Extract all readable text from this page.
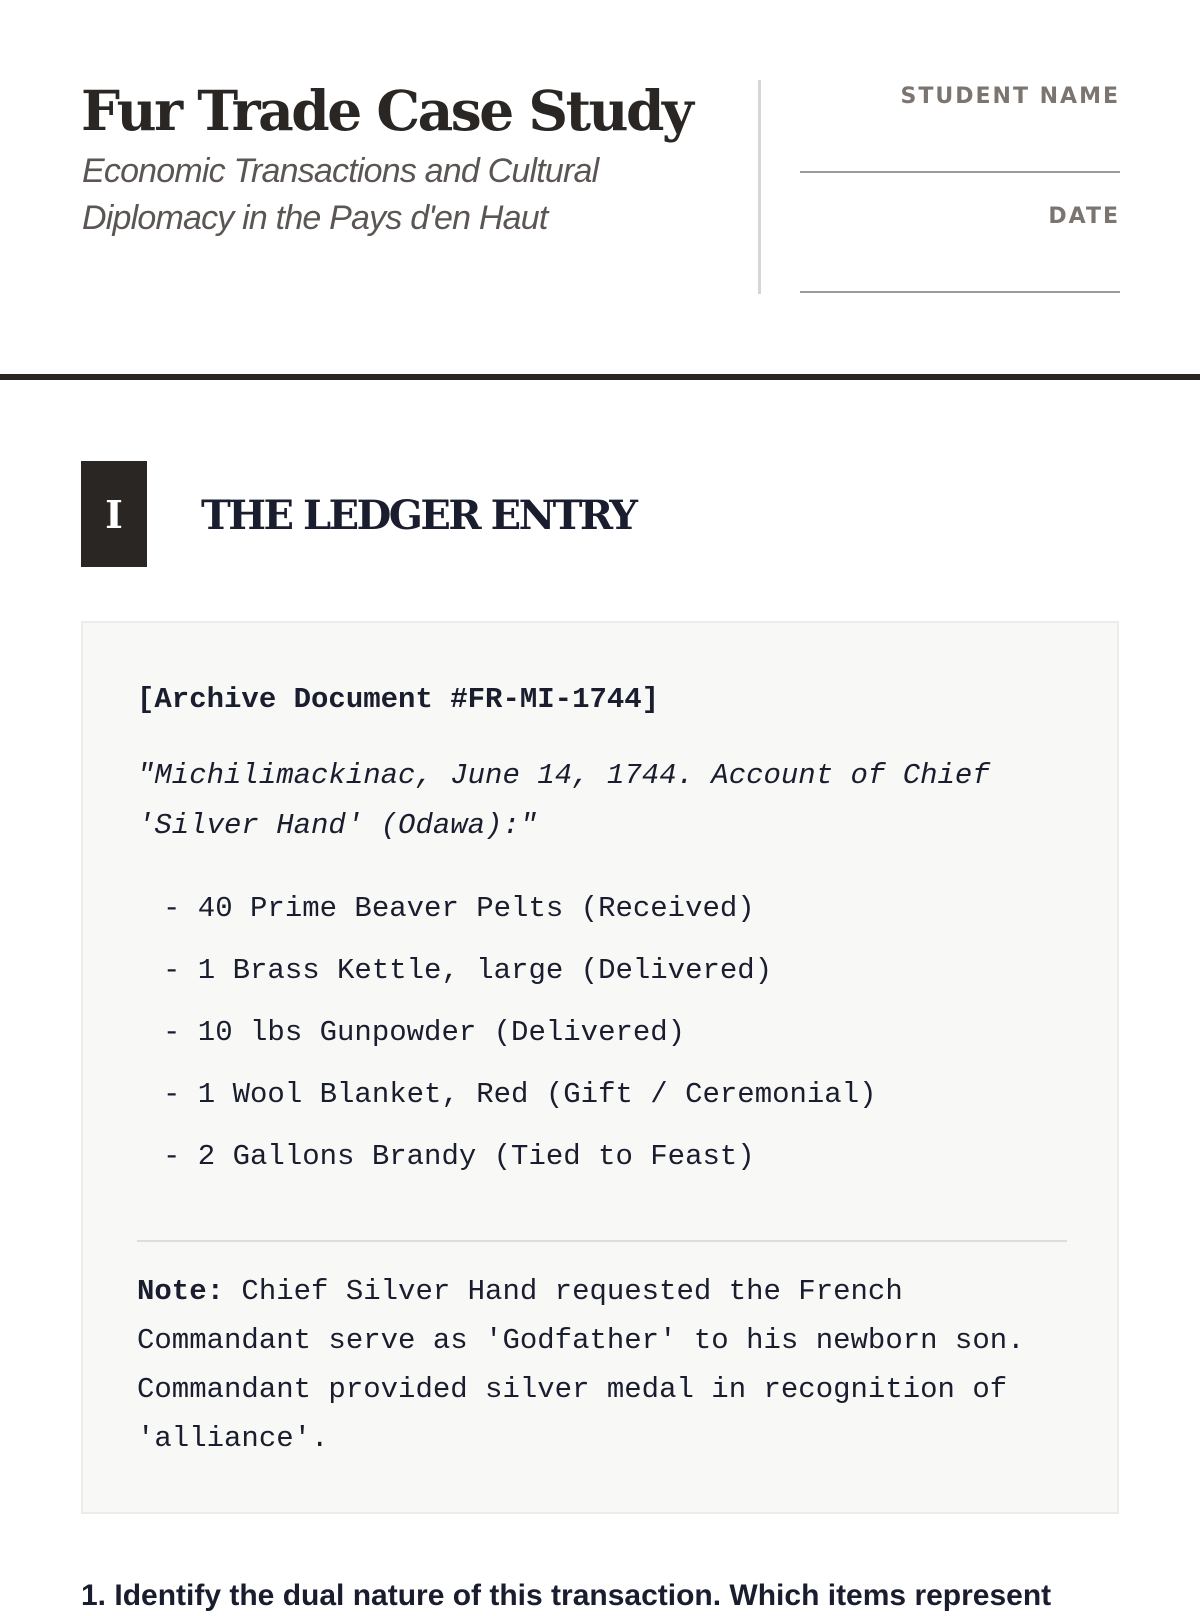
Fur Trade Case Study

Economic Transactions and Cultural Diplomacy in the Pays d'en Haut

STUDENT NAME
DATE
I	THE LEDGER ENTRY

[Archive Document #FR-MI-1744]

"Michilimackinac, June 14, 1744. Account of Chief 'Silver Hand' (Odawa):"

- 40 Prime Beaver Pelts (Received)
- 1 Brass Kettle, large (Delivered)
- 10 lbs Gunpowder (Delivered)
- 1 Wool Blanket, Red (Gift / Ceremonial)
- 2 Gallons Brandy (Tied to Feast)

Note: Chief Silver Hand requested the French Commandant serve as 'Godfather' to his newborn son. Commandant provided silver medal in recognition of 'alliance'.

1. Identify the dual nature of this transaction. Which items represent
